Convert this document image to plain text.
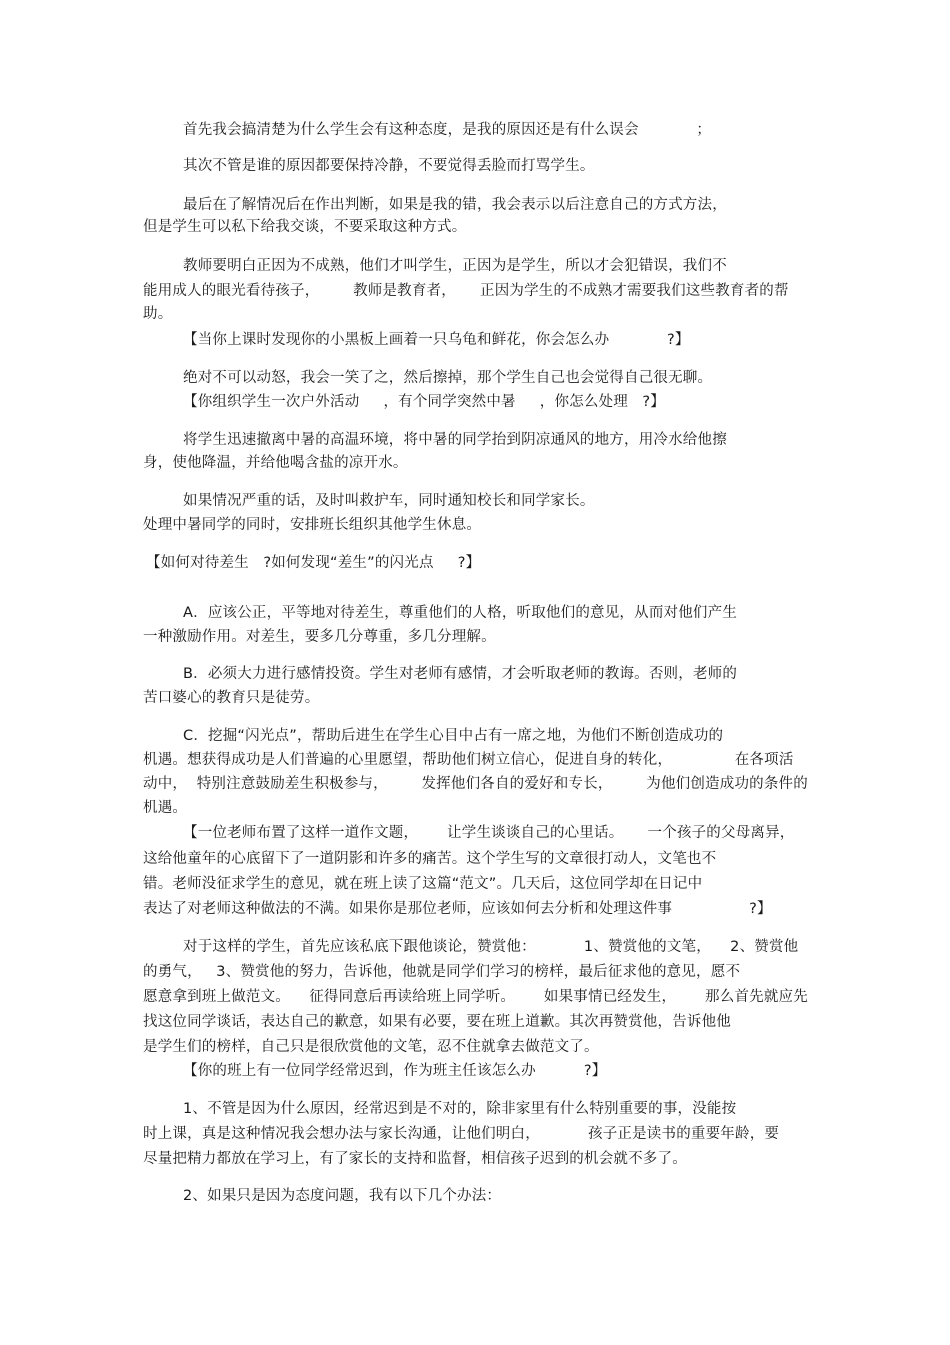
首先我会搞清楚为什么学生会有这种态度，是我的原因还是有什么误会            ；
其次不管是谁的原因都要保持冷静，不要觉得丢脸而打骂学生。
最后在了解情况后在作出判断，如果是我的错，我会表示以后注意自己的方式方法，
但是学生可以私下给我交谈，不要采取这种方式。
教师要明白正因为不成熟，他们才叫学生，正因为是学生，所以才会犯错误，我们不
能用成人的眼光看待孩子，       教师是教育者，     正因为学生的不成熟才需要我们这些教育者的帮
助。
【当你上课时发现你的小黑板上画着一只乌龟和鲜花，你会怎么办            ?】
绝对不可以动怒，我会一笑了之，然后擦掉，那个学生自己也会觉得自己很无聊。
【你组织学生一次户外活动     ，有个同学突然中暑     ，你怎么处理   ?】
将学生迅速撤离中暑的高温环境，将中暑的同学抬到阴凉通风的地方，用冷水给他擦
身，使他降温，并给他喝含盐的凉开水。
如果情况严重的话，及时叫救护车，同时通知校长和同学家长。
处理中暑同学的同时，安排班长组织其他学生休息。
【如何对待差生   ?如何发现“差生”的闪光点     ?】
A．应该公正，平等地对待差生，尊重他们的人格，听取他们的意见，从而对他们产生
一种激励作用。对差生，要多几分尊重，多几分理解。
B．必须大力进行感情投资。学生对老师有感情，才会听取老师的教诲。否则，老师的
苦口婆心的教育只是徒劳。
C．挖掘“闪光点”，帮助后进生在学生心目中占有一席之地，为他们不断创造成功的
机遇。想获得成功是人们普遍的心里愿望，帮助他们树立信心，促进自身的转化，             在各项活
动中，  特别注意鼓励差生积极参与，       发挥他们各自的爱好和专长，       为他们创造成功的条件的
机遇。
【一位老师布置了这样一道作文题，      让学生谈谈自己的心里话。     一个孩子的父母离异，
这给他童年的心底留下了一道阴影和许多的痛苦。这个学生写的文章很打动人，文笔也不
错。老师没征求学生的意见，就在班上读了这篇“范文”。几天后，这位同学却在日记中
表达了对老师这种做法的不满。如果你是那位老师，应该如何去分析和处理这件事                ?】
对于这样的学生，首先应该私底下跟他谈论，赞赏他：          1、赞赏他的文笔，    2、赞赏他
的勇气，   3、赞赏他的努力，告诉他，他就是同学们学习的榜样，最后征求他的意见，愿不
愿意拿到班上做范文。    征得同意后再读给班上同学听。      如果事情已经发生，      那么首先就应先
找这位同学谈话，表达自己的歉意，如果有必要，要在班上道歉。其次再赞赏他，告诉他他
是学生们的榜样，自己只是很欣赏他的文笔，忍不住就拿去做范文了。
【你的班上有一位同学经常迟到，作为班主任该怎么办          ?】
1、不管是因为什么原因，经常迟到是不对的，除非家里有什么特别重要的事，没能按
时上课，真是这种情况我会想办法与家长沟通，让他们明白，          孩子正是读书的重要年龄，要
尽量把精力都放在学习上，有了家长的支持和监督，相信孩子迟到的机会就不多了。
2、如果只是因为态度问题，我有以下几个办法：
